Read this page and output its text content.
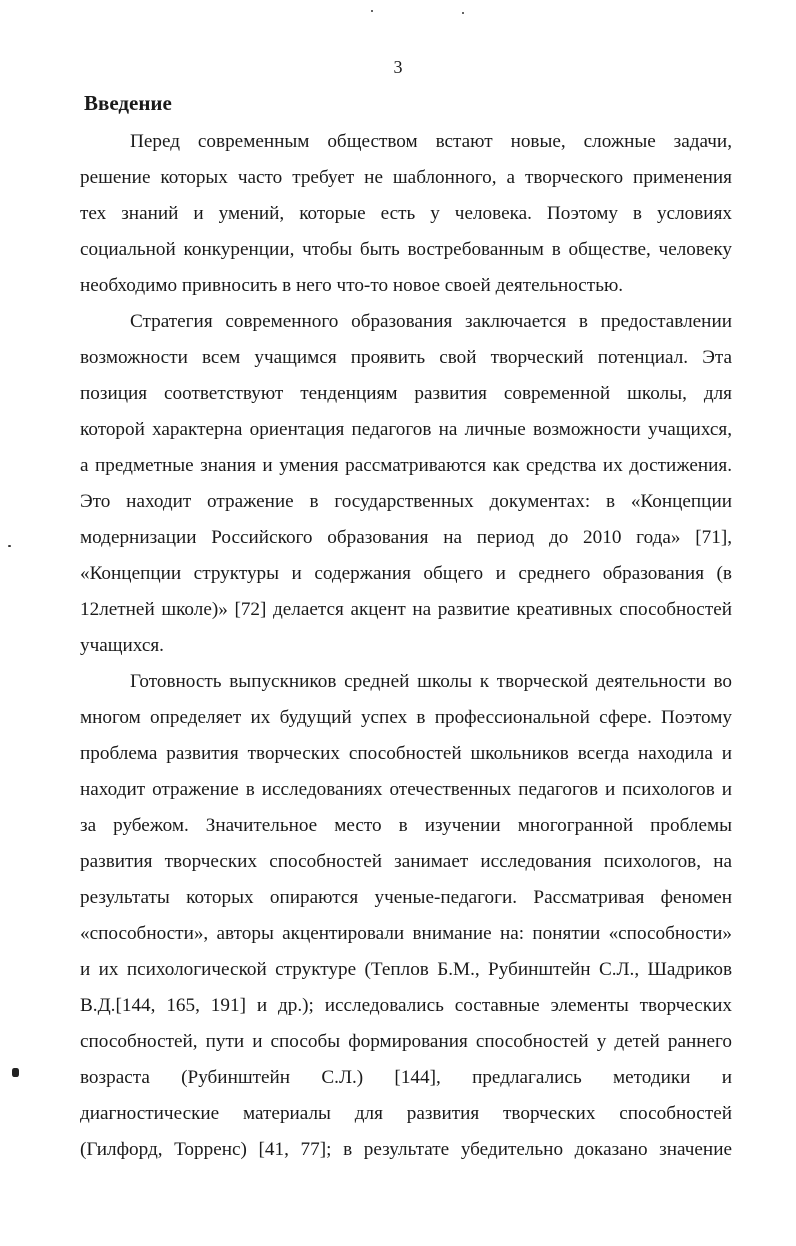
3
Введение
Перед современным обществом встают новые, сложные задачи,
решение которых часто требует не шаблонного, а творческого применения
тех знаний и умений, которые есть у человека. Поэтому в условиях
социальной конкуренции, чтобы быть востребованным в обществе, человеку
необходимо привносить в него что-то новое своей деятельностью.
Стратегия современного образования заключается в предоставлении
возможности всем учащимся проявить свой творческий потенциал. Эта
позиция соответствуют тенденциям развития современной школы, для
которой характерна ориентация педагогов на личные возможности учащихся,
а предметные знания и умения рассматриваются как средства их достижения.
Это находит отражение в государственных документах: в «Концепции
модернизации Российского образования на период до 2010 года» [71],
«Концепции структуры и содержания общего и среднего образования (в
12летней школе)» [72] делается акцент на развитие креативных способностей
учащихся.
Готовность выпускников средней школы к творческой деятельности во
многом определяет их будущий успех в профессиональной сфере. Поэтому
проблема развития творческих способностей школьников всегда находила и
находит отражение в исследованиях отечественных педагогов и психологов и
за рубежом. Значительное место в изучении многогранной проблемы
развития творческих способностей занимает исследования психологов, на
результаты которых опираются ученые-педагоги. Рассматривая феномен
«способности», авторы акцентировали внимание на: понятии «способности»
и их психологической структуре (Теплов Б.М., Рубинштейн С.Л., Шадриков
В.Д.[144, 165, 191] и др.); исследовались составные элементы творческих
способностей, пути и способы формирования способностей у детей раннего
возраста (Рубинштейн С.Л.) [144], предлагались методики и
диагностические материалы для развития творческих способностей
(Гилфорд, Торренс) [41, 77]; в результате убедительно доказано значение
